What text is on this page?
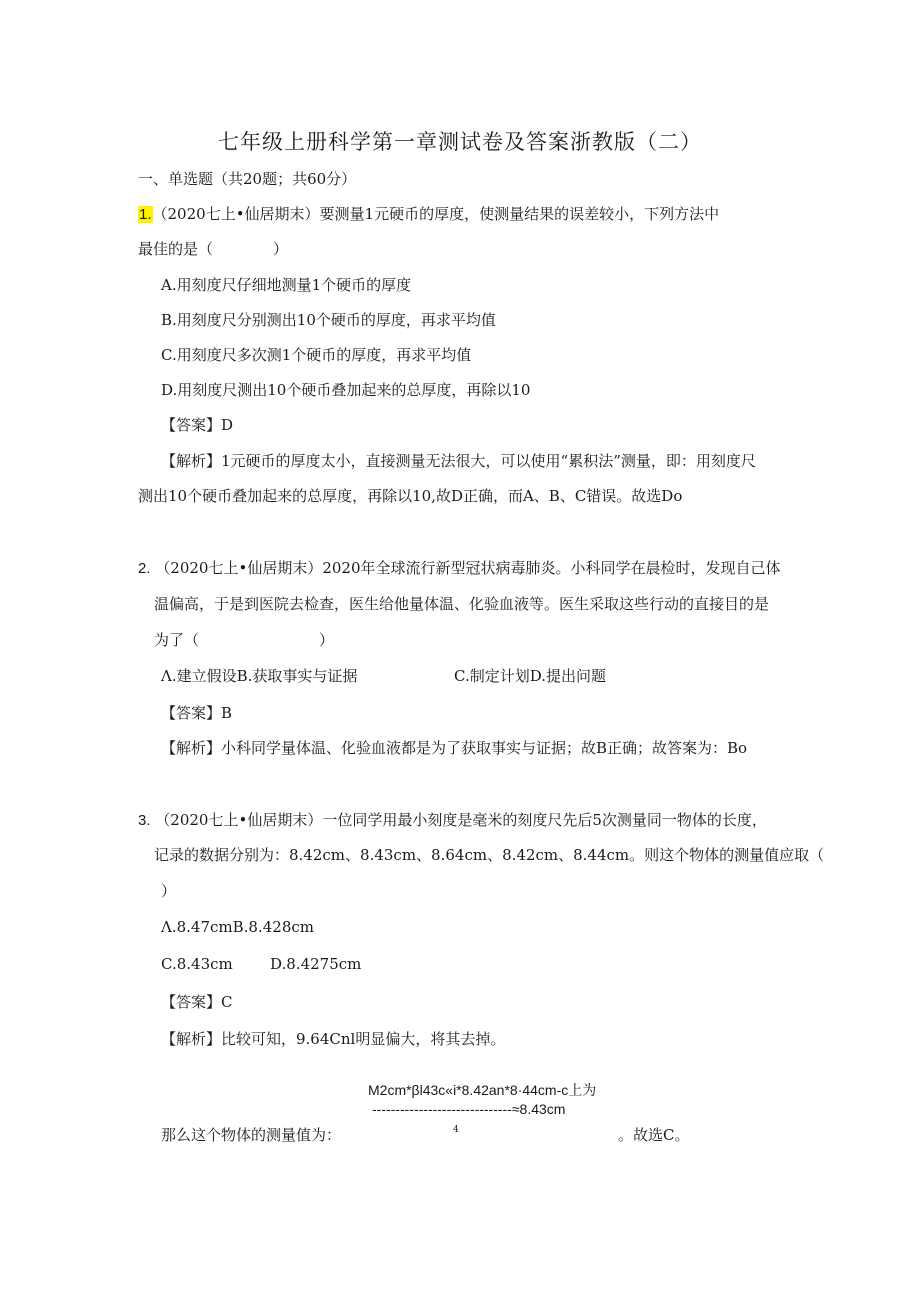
七年级上册科学第一章测试卷及答案浙教版（二）
一、单选题（共20题；共60分）
1.（2020七上•仙居期末）要测量1元硬币的厚度，使测量结果的误差较小，下列方法中
最佳的是（　　　　）
A.用刻度尺仔细地测量1个硬币的厚度
B.用刻度尺分别测出10个硬币的厚度，再求平均值
C.用刻度尺多次测1个硬币的厚度，再求平均值
D.用刻度尺测出10个硬币叠加起来的总厚度，再除以10
【答案】D
【解析】1元硬币的厚度太小，直接测量无法很大，可以使用“累积法”测量，即：用刻度尺
测出10个硬币叠加起来的总厚度，再除以10,故D正确，而A、B、C错误。故选Do
2. （2020七上•仙居期末）2020年全球流行新型冠状病毒肺炎。小科同学在晨检时，发现自己体
温偏高，于是到医院去检查，医生给他量体温、化验血液等。医生采取这些行动的直接目的是
为了（　　　　　　　　）
Λ.建立假设B.获取事实与证据	C.制定计划D.提出问题
【答案】B
【解析】小科同学量体温、化验血液都是为了获取事实与证据；故B正确；故答案为：Bo
3. （2020七上•仙居期末）一位同学用最小刻度是毫米的刻度尺先后5次测量同一物体的长度，
记录的数据分别为：8.42cm、8.43cm、8.64cm、8.42cm、8.44cm。则这个物体的测量值应取（
）
Λ.8.47cmB.8.428cm
C.8.43cm D.8.4275cm
【答案】C
【解析】比较可知，9.64Cnl明显偏大，将其去掉。
M2cm*βl43c«i*8.42an*8·44cm-c上为
------------------------------≈8.43cm
那么这个物体的测量值为：	4	。故选C。
